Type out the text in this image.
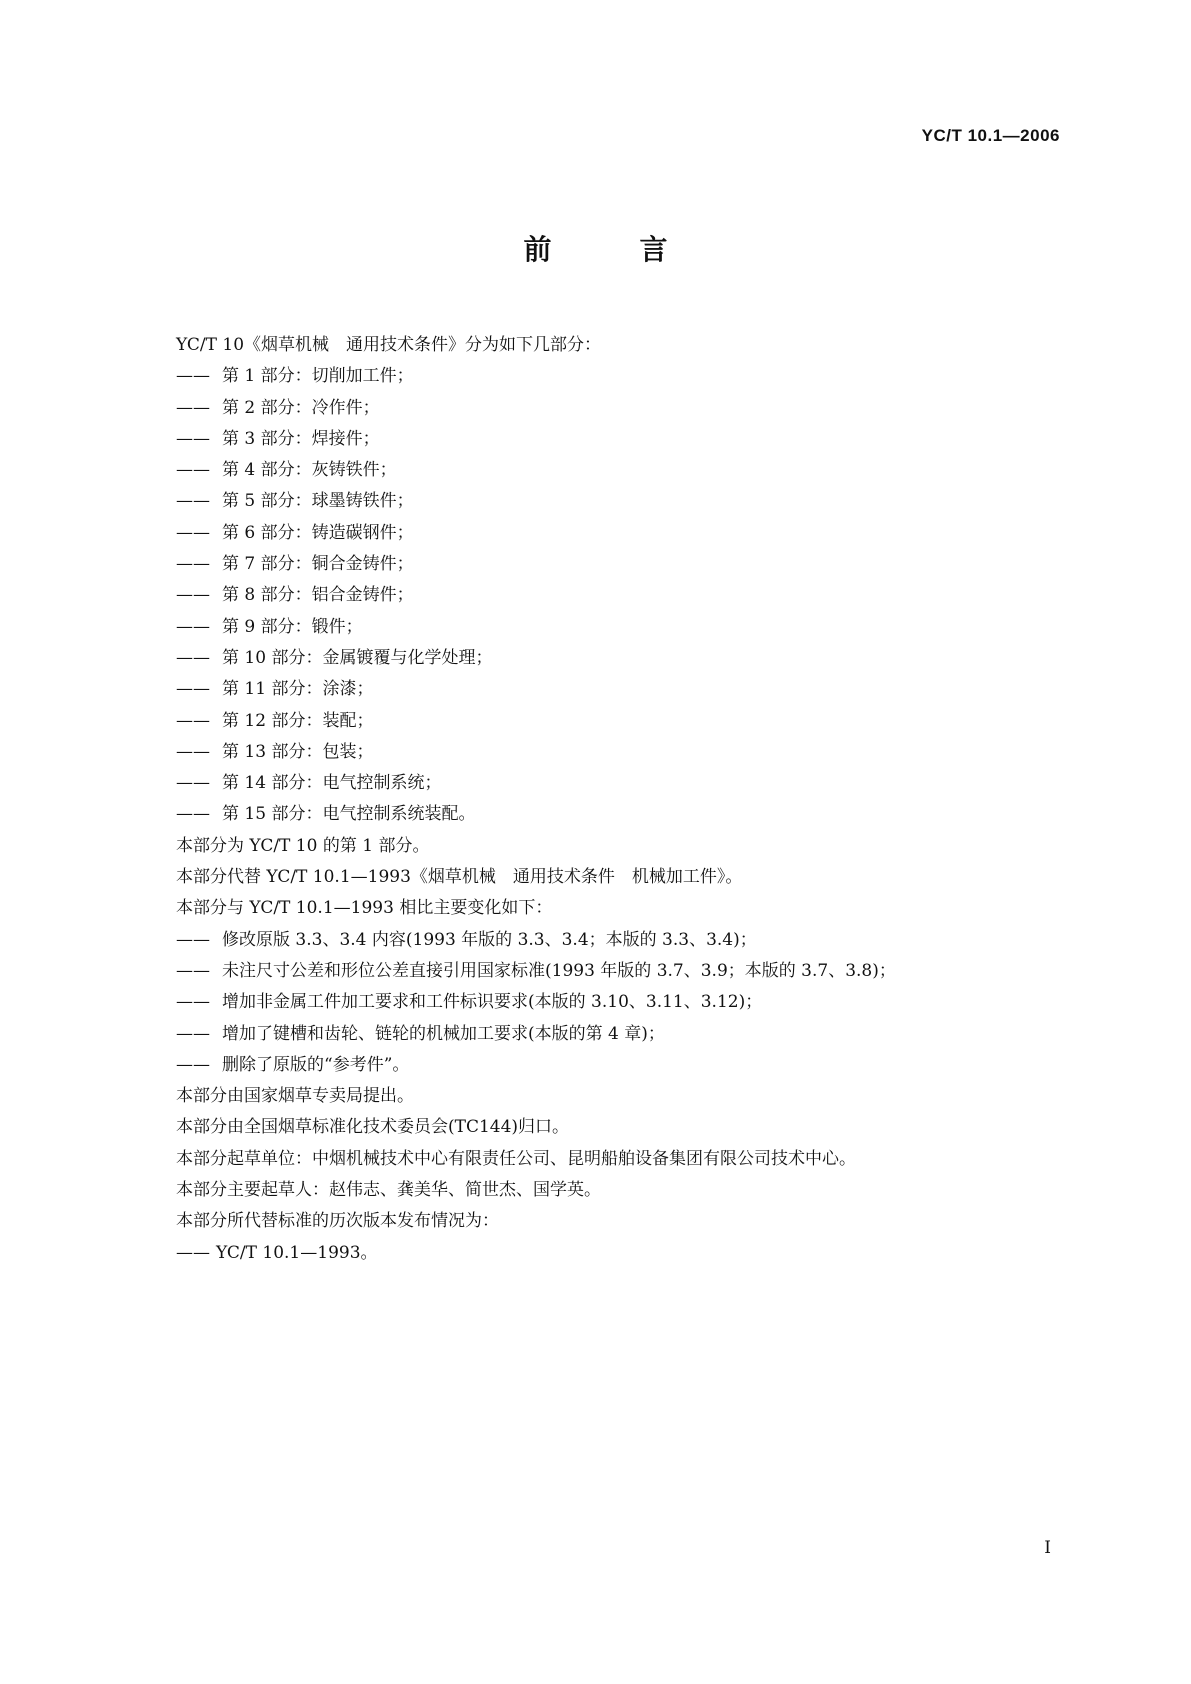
YC/T 10.1—2006
前　言
YC/T 10《烟草机械　通用技术条件》分为如下几部分：
—— 第 1 部分：切削加工件；
—— 第 2 部分：冷作件；
—— 第 3 部分：焊接件；
—— 第 4 部分：灰铸铁件；
—— 第 5 部分：球墨铸铁件；
—— 第 6 部分：铸造碳钢件；
—— 第 7 部分：铜合金铸件；
—— 第 8 部分：铝合金铸件；
—— 第 9 部分：锻件；
—— 第 10 部分：金属镀覆与化学处理；
—— 第 11 部分：涂漆；
—— 第 12 部分：装配；
—— 第 13 部分：包装；
—— 第 14 部分：电气控制系统；
—— 第 15 部分：电气控制系统装配。
本部分为 YC/T 10 的第 1 部分。
本部分代替 YC/T 10.1—1993《烟草机械　通用技术条件　机械加工件》。
本部分与 YC/T 10.1—1993 相比主要变化如下：
—— 修改原版 3.3、3.4 内容(1993 年版的 3.3、3.4；本版的 3.3、3.4)；
—— 未注尺寸公差和形位公差直接引用国家标准(1993 年版的 3.7、3.9；本版的 3.7、3.8)；
—— 增加非金属工件加工要求和工件标识要求(本版的 3.10、3.11、3.12)；
—— 增加了键槽和齿轮、链轮的机械加工要求(本版的第 4 章)；
—— 删除了原版的“参考件”。
本部分由国家烟草专卖局提出。
本部分由全国烟草标准化技术委员会(TC144)归口。
本部分起草单位：中烟机械技术中心有限责任公司、昆明船舶设备集团有限公司技术中心。
本部分主要起草人：赵伟志、龚美华、简世杰、国学英。
本部分所代替标准的历次版本发布情况为：
—— YC/T 10.1—1993。
I
